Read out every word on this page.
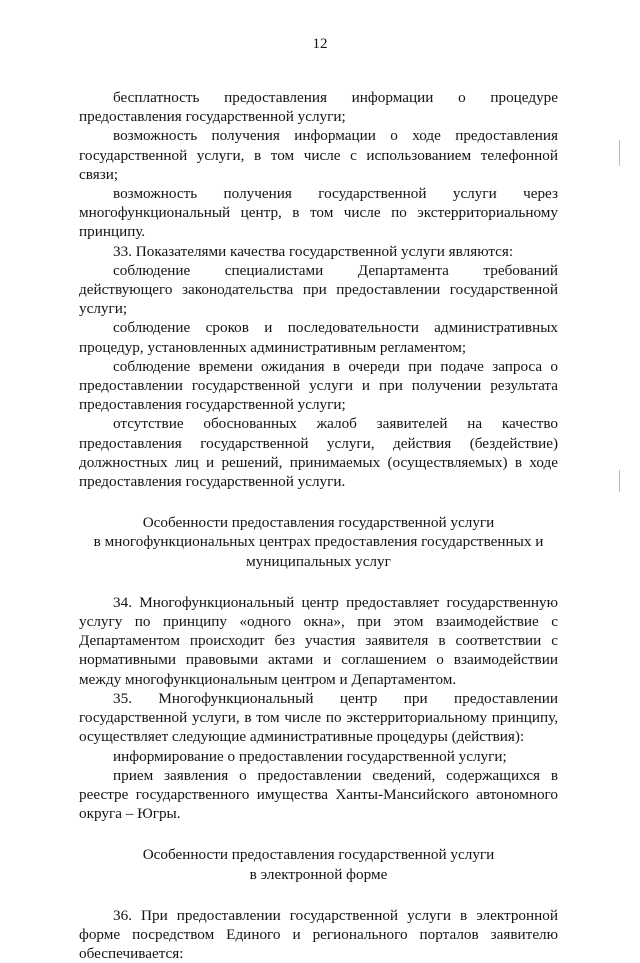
12

бесплатность предоставления информации о процедуре предоставления государственной услуги;

возможность получения информации о ходе предоставления государственной услуги, в том числе с использованием телефонной связи;

возможность получения государственной услуги через многофункциональный центр, в том числе по экстерриториальному принципу.

33. Показателями качества государственной услуги являются:

соблюдение специалистами Департамента требований действующего законодательства при предоставлении государственной услуги;

соблюдение сроков и последовательности административных процедур, установленных административным регламентом;

соблюдение времени ожидания в очереди при подаче запроса о предоставлении государственной услуги и при получении результата предоставления государственной услуги;

отсутствие обоснованных жалоб заявителей на качество предоставления государственной услуги, действия (бездействие) должностных лиц и решений, принимаемых (осуществляемых) в ходе предоставления государственной услуги.

Особенности предоставления государственной услуги
в многофункциональных центрах предоставления государственных и
муниципальных услуг

34. Многофункциональный центр предоставляет государственную услугу по принципу «одного окна», при этом взаимодействие с Департаментом происходит без участия заявителя в соответствии с нормативными правовыми актами и соглашением о взаимодействии между многофункциональным центром и Департаментом.

35. Многофункциональный центр при предоставлении государственной услуги, в том числе по экстерриториальному принципу, осуществляет следующие административные процедуры (действия):

информирование о предоставлении государственной услуги;

прием заявления о предоставлении сведений, содержащихся в реестре государственного имущества Ханты-Мансийского автономного округа – Югры.

Особенности предоставления государственной услуги
в электронной форме

36. При предоставлении государственной услуги в электронной форме посредством Единого и регионального порталов заявителю обеспечивается:
